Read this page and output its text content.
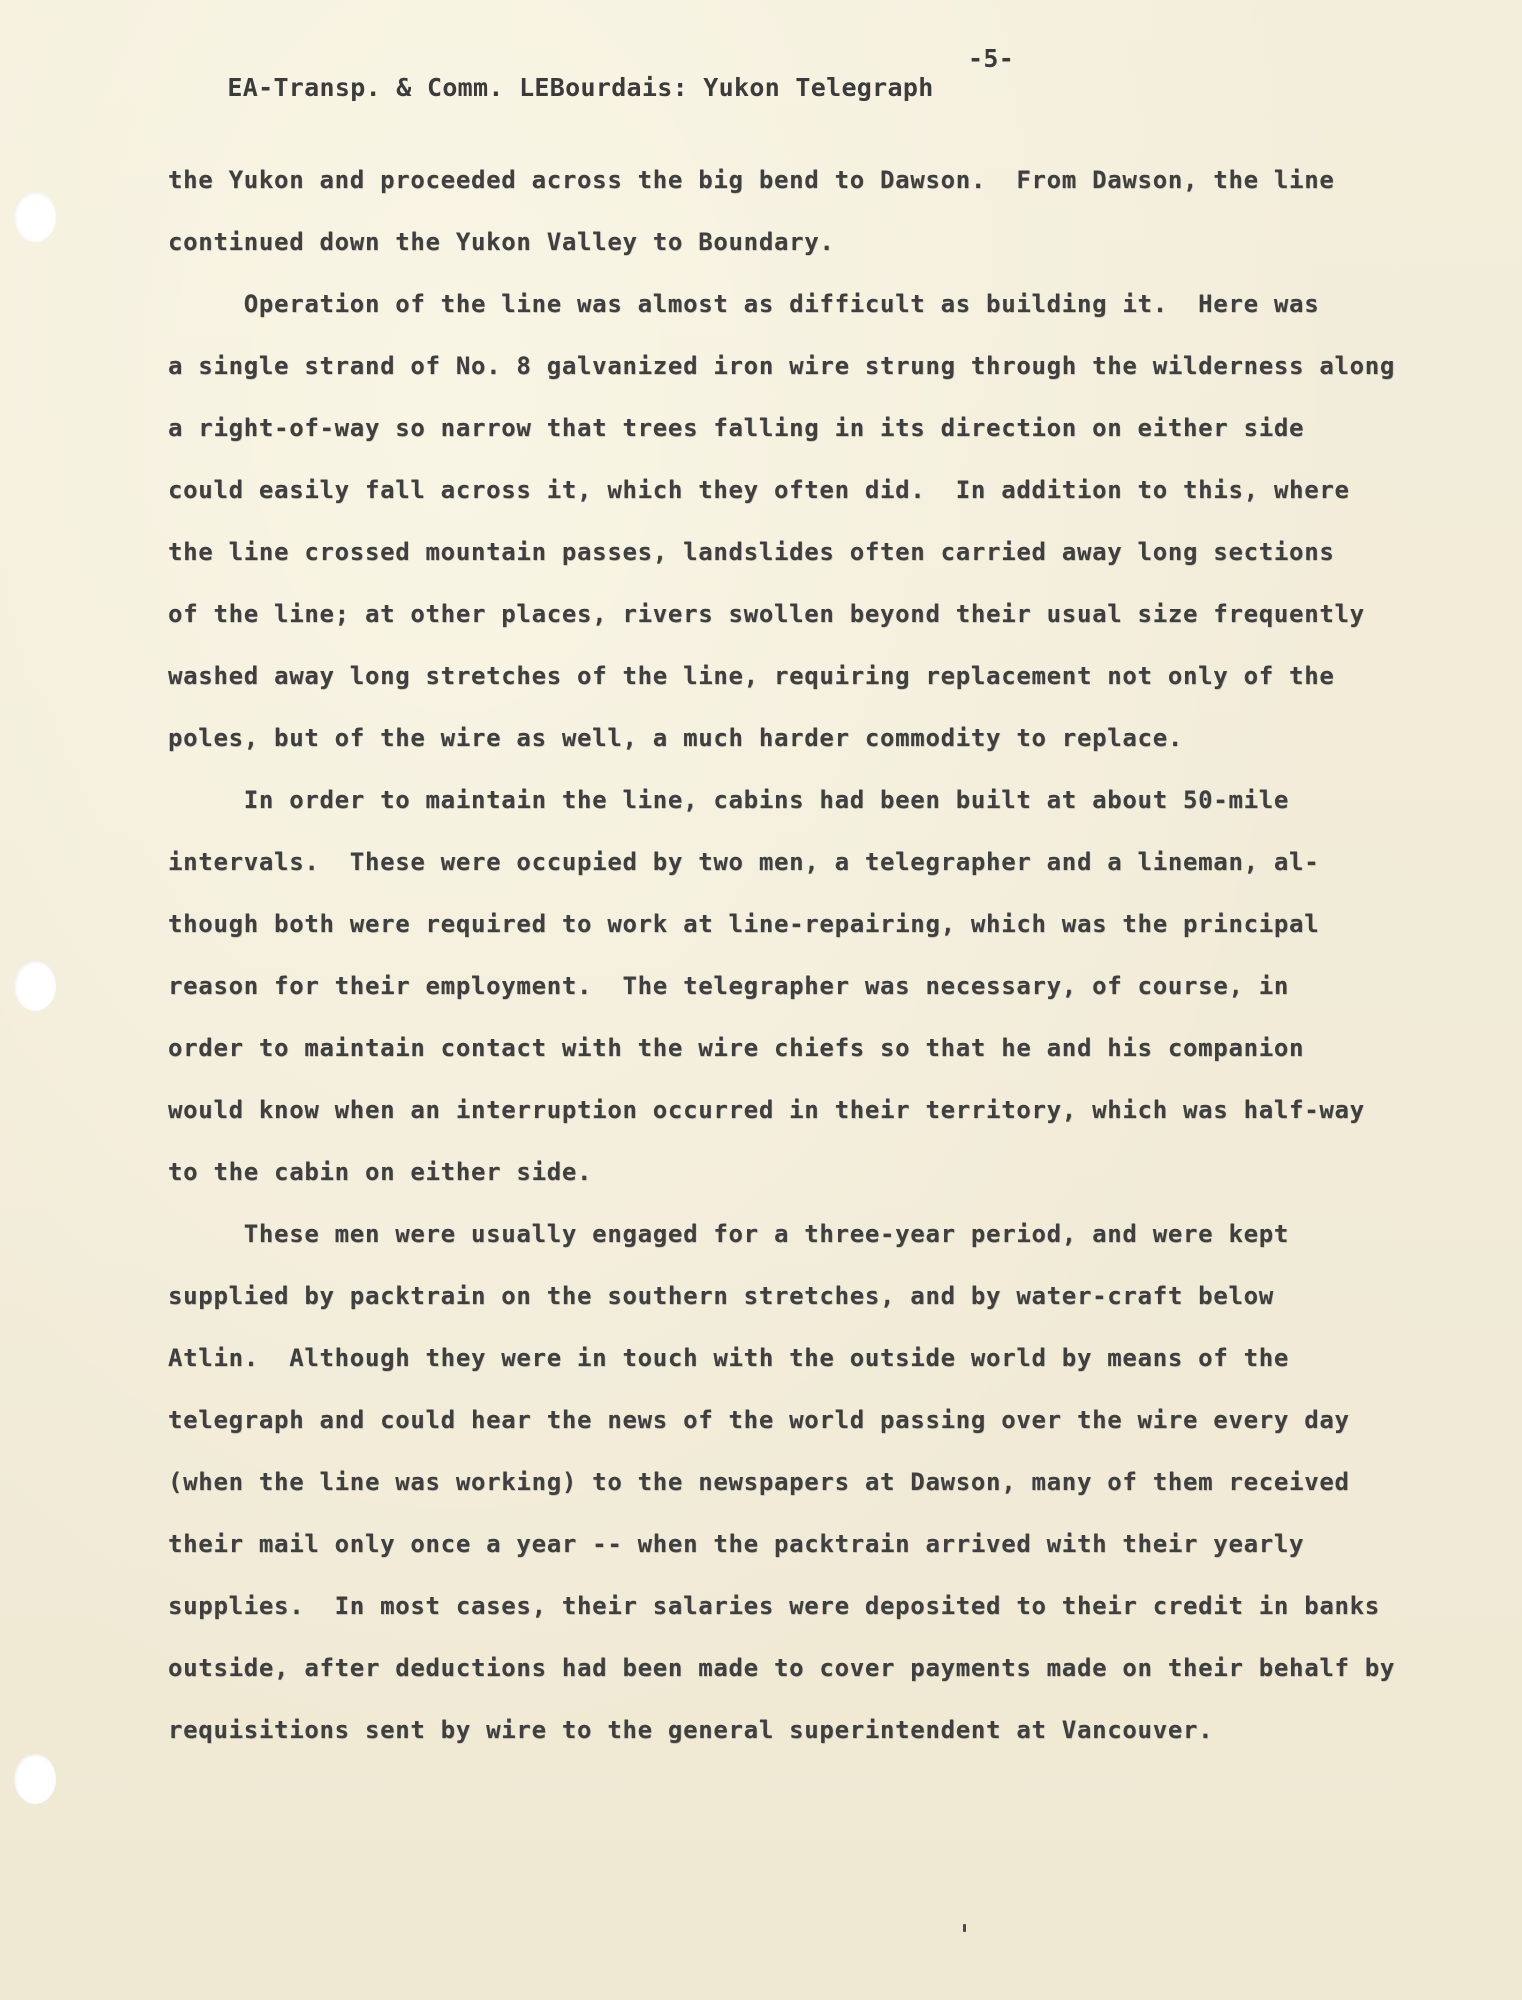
EA-Transp. & Comm. LEBourdais: Yukon Telegraph

-5-

the Yukon and proceeded across the big bend to Dawson.  From Dawson, the line
continued down the Yukon Valley to Boundary.
Operation of the line was almost as difficult as building it.  Here was
a single strand of No. 8 galvanized iron wire strung through the wilderness along
a right-of-way so narrow that trees falling in its direction on either side
could easily fall across it, which they often did.  In addition to this, where
the line crossed mountain passes, landslides often carried away long sections
of the line; at other places, rivers swollen beyond their usual size frequently
washed away long stretches of the line, requiring replacement not only of the
poles, but of the wire as well, a much harder commodity to replace.
In order to maintain the line, cabins had been built at about 50-mile
intervals.  These were occupied by two men, a telegrapher and a lineman, al-
though both were required to work at line-repairing, which was the principal
reason for their employment.  The telegrapher was necessary, of course, in
order to maintain contact with the wire chiefs so that he and his companion
would know when an interruption occurred in their territory, which was half-way
to the cabin on either side.
These men were usually engaged for a three-year period, and were kept
supplied by packtrain on the southern stretches, and by water-craft below
Atlin.  Although they were in touch with the outside world by means of the
telegraph and could hear the news of the world passing over the wire every day
(when the line was working) to the newspapers at Dawson, many of them received
their mail only once a year -- when the packtrain arrived with their yearly
supplies.  In most cases, their salaries were deposited to their credit in banks
outside, after deductions had been made to cover payments made on their behalf by
requisitions sent by wire to the general superintendent at Vancouver.
